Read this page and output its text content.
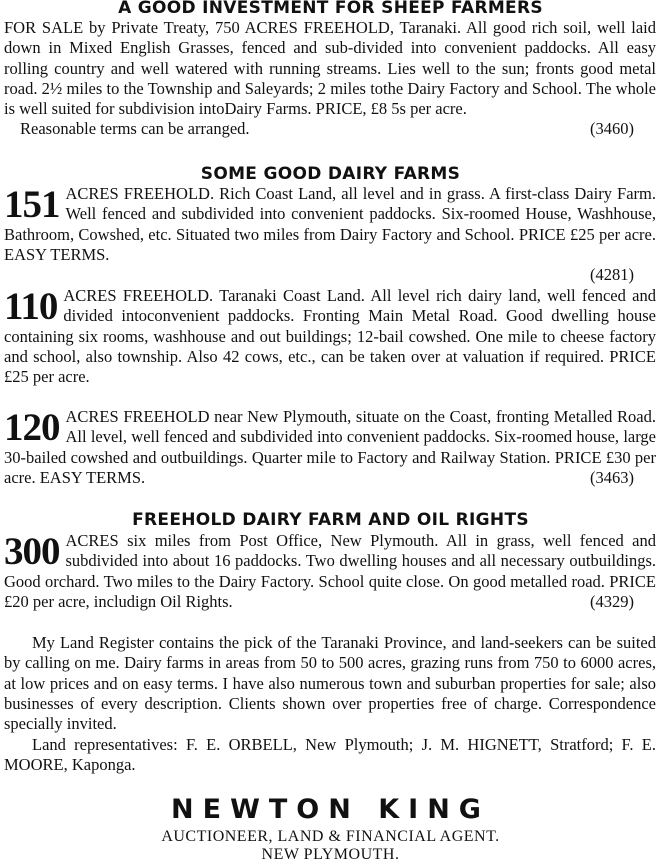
A GOOD INVESTMENT FOR SHEEP FARMERS

FOR SALE by Private Treaty, 750 ACRES FREEHOLD, Taranaki. All good rich soil, well laid down in Mixed English Grasses, fenced and sub-divided into convenient paddocks. All easy rolling country and well watered with running streams. Lies well to the sun; fronts good metal road. 2½ miles to the Township and Saleyards; 2 miles tothe Dairy Factory and School. The whole is well suited for subdivision intoDairy Farms. PRICE, £8 5s per acre.

Reasonable terms can be arranged.	(3460)

SOME GOOD DAIRY FARMS
151 ACRES FREEHOLD. Rich Coast Land, all level and in grass. A first-class Dairy Farm. Well fenced and subdivided into convenient paddocks. Six-roomed House, Washhouse, Bathroom, Cowshed, etc. Situated two miles from Dairy Factory and School. PRICE £25 per acre. EASY TERMS.
(4281)
110 ACRES FREEHOLD. Taranaki Coast Land. All level rich dairy land, well fenced and divided intoconvenient paddocks. Fronting Main Metal Road. Good dwelling house containing six rooms, washhouse and out buildings; 12-bail cowshed. One mile to cheese factory and school, also township. Also 42 cows, etc., can be taken over at valuation if required. PRICE £25 per acre.
120 ACRES FREEHOLD near New Plymouth, situate on the Coast, fronting Metalled Road. All level, well fenced and subdivided into convenient paddocks. Six-roomed house, large 30-bailed cowshed and outbuildings. Quarter mile to Factory and Railway Station. PRICE £30 per acre. EASY TERMS.	(3463)
FREEHOLD DAIRY FARM AND OIL RIGHTS
300 ACRES six miles from Post Office, New Plymouth. All in grass, well fenced and subdivided into about 16 paddocks. Two dwelling houses and all necessary outbuildings. Good orchard. Two miles to the Dairy Factory. School quite close. On good metalled road. PRICE £20 per acre, includign Oil Rights.	(4329)
My Land Register contains the pick of the Taranaki Province, and land-seekers can be suited by calling on me. Dairy farms in areas from 50 to 500 acres, grazing runs from 750 to 6000 acres, at low prices and on easy terms. I have also numerous town and suburban properties for sale; also businesses of every description. Clients shown over properties free of charge. Correspondence specially invited.
Land representatives: F. E. ORBELL, New Plymouth; J. M. HIGNETT, Stratford; F. E. MOORE, Kaponga.
NEWTON KING
AUCTIONEER, LAND & FINANCIAL AGENT.
NEW PLYMOUTH.
